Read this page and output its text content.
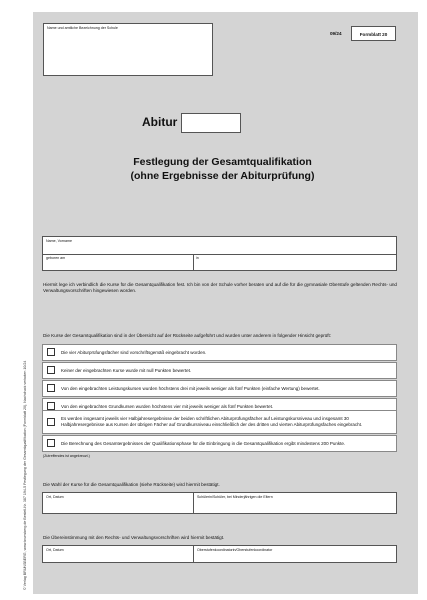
Name und amtliche Bezeichnung der Schule
09/24	Formblatt 20
Abitur
Festlegung der Gesamtqualifikation
(ohne Ergebnisse der Abiturprüfung)
Name, Vorname
geboren am	in
Hiermit lege ich verbindlich die Kurse für die Gesamtqualifikation fest. Ich bin von der Schule vorher beraten und auf die für die gymnasiale Oberstufe geltenden Rechts- und Verwaltungsvorschriften hingewiesen worden.
Die Kurse der Gesamtqualifikation sind in der Übersicht auf der Rückseite aufgeführt und wurden unter anderem in folgender Hinsicht geprüft:
Die vier Abiturprüfungsfächer sind vorschriftsgemäß eingebracht worden.
Keiner der eingebrachten Kurse wurde mit null Punkten bewertet.
Von den eingebrachten Leistungskursen wurden höchstens drei mit jeweils weniger als fünf Punkten (einfache Wertung) bewertet.
Von den eingebrachten Grundkursen wurden höchstens vier mit jeweils weniger als fünf Punkten bewertet.
Es werden insgesamt jeweils vier Halbjahresergebnisse der beiden schriftlichen Abiturprüfungsfächer auf Leistungskursniveau und insgesamt 30 Halbjahresergebnisse aus Kursen der übrigen Fächer auf Grundkursniveau einschließlich der des dritten und vierten Abiturprüfungsfaches eingebracht.
Die Berechnung des Gesamtergebnisses der Qualifikationsphase für die Einbringung in die Gesamtqualifikation ergibt mindestens 200 Punkte.
(Zutreffendes ist angekreuzt.)
Die Wahl der Kurse für die Gesamtqualifikation (siehe Rückseite) wird hiermit bestätigt.
Ort, Datum	Schülerin/Schüler, bei Minderjährigen die Eltern
Die Übereinstimmung mit den Rechts- und Verwaltungsvorschriften wird hiermit bestätigt.
Ort, Datum	Oberstufenkoordinatorin/Oberstufenkoordinator
© Verlag BRUNSBERG, www.brunsberg.de Bestell-Nr. 387 194-5 Festlegung der Gesamtqualifikation (Formblatt 20), Nachdruck verboten 10/24
